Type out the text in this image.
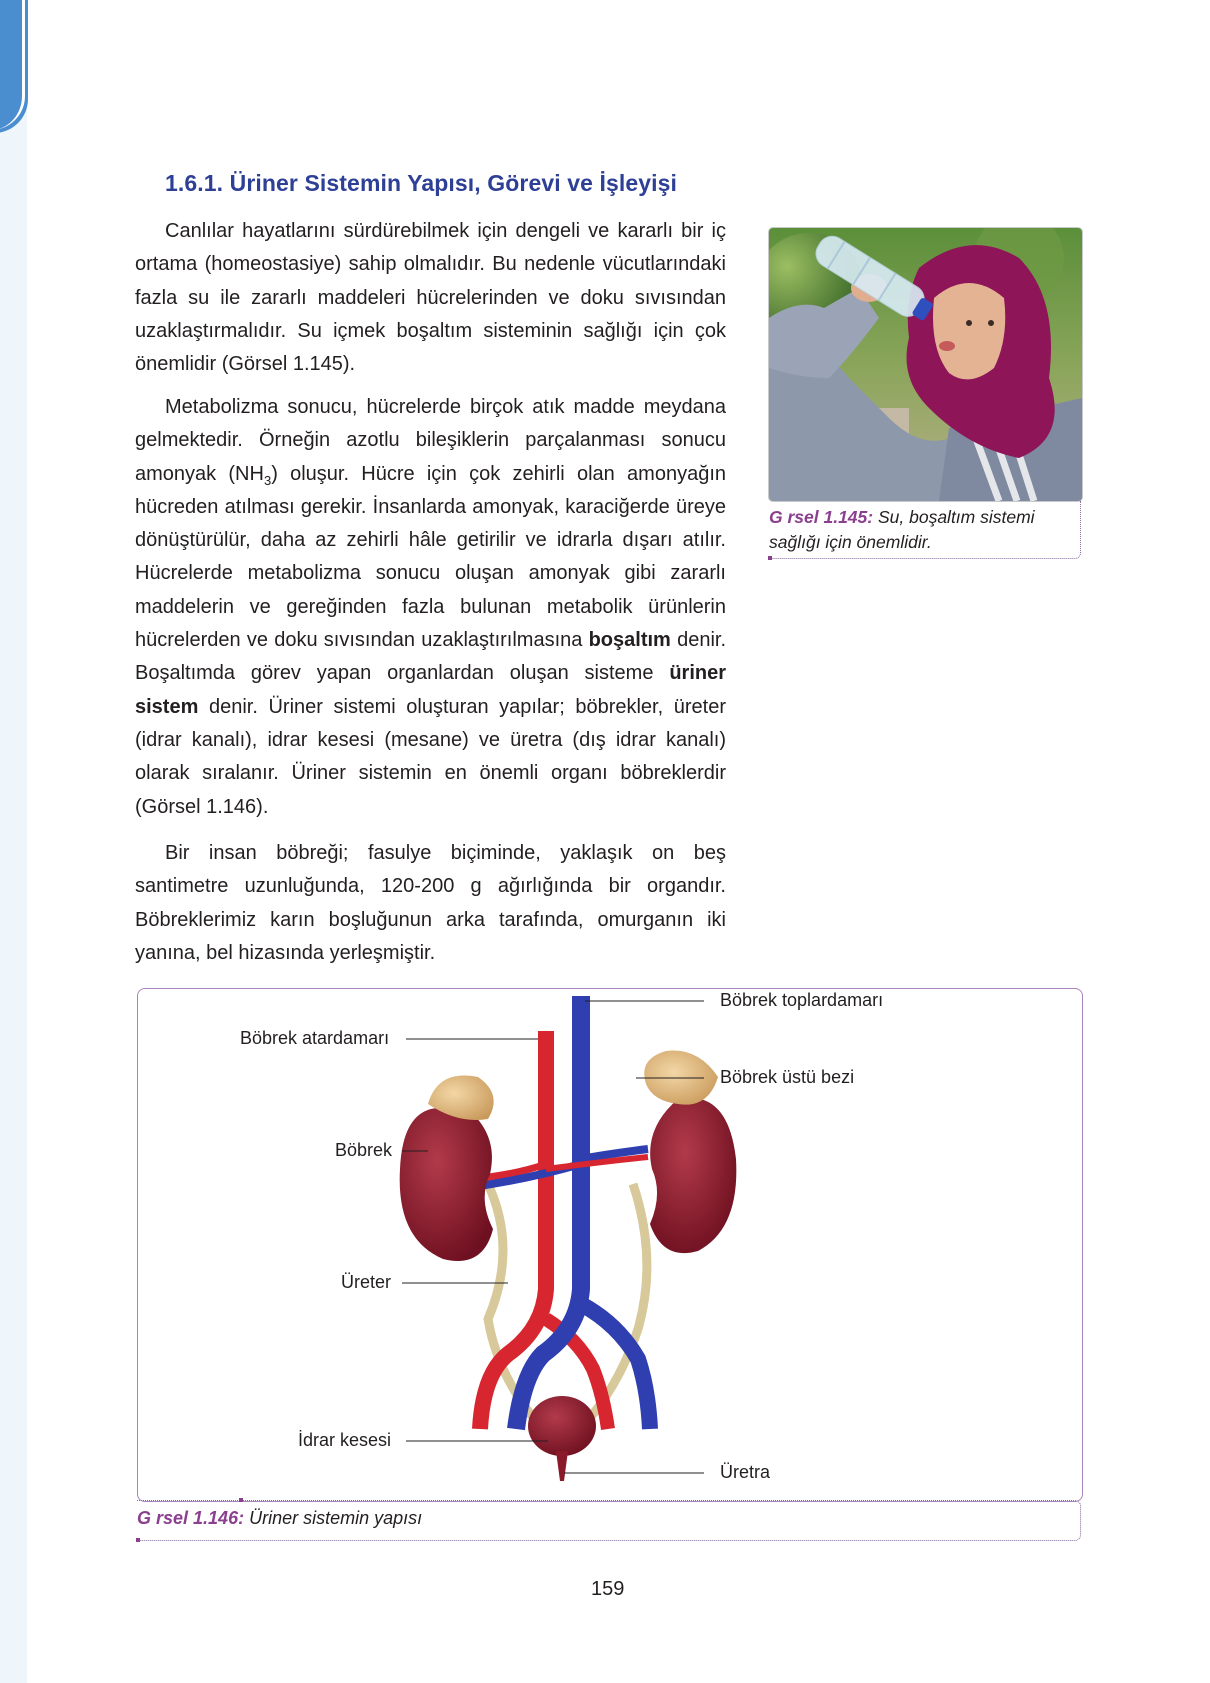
1.6.1. Üriner Sistemin Yapısı, Görevi ve İşleyişi

Canlılar hayatlarını sürdürebilmek için dengeli ve kararlı bir iç ortama (homeostasiye) sahip olmalıdır. Bu nedenle vücutlarındaki fazla su ile zararlı maddeleri hücrelerinden ve doku sıvısından uzaklaştırmalıdır. Su içmek boşaltım sisteminin sağlığı için çok önemlidir (Görsel 1.145).

Metabolizma sonucu, hücrelerde birçok atık madde meydana gelmektedir. Örneğin azotlu bileşiklerin parçalanması sonucu amonyak $(NH_3)$ oluşur. Hücre için çok zehirli olan amonyağın hücreden atılması gerekir. İnsanlarda amonyak, karaciğerde üreye dönüştürülür, daha az zehirli hâle getirilir ve idrarla dışarı atılır. Hücrelerde metabolizma sonucu oluşan amonyak gibi zararlı maddelerin ve gereğinden fazla bulunan metabolik ürünlerin hücrelerden ve doku sıvısından uzaklaştırılmasına boşaltım denir. Boşaltımda görev yapan organlardan oluşan sisteme üriner sistem denir. Üriner sistemi oluşturan yapılar; böbrekler, üreter (idrar kanalı), idrar kesesi (mesane) ve üretra (dış idrar kanalı) olarak sıralanır. Üriner sistemin en önemli organı böbreklerdir (Görsel 1.146).

Bir insan böbreği; fasulye biçiminde, yaklaşık on beş santimetre uzunluğunda, 120-200 g ağırlığında bir organdır. Böbreklerimiz karın boşluğunun arka tarafında, omurganın iki yanına, bel hizasında yerleşmiştir.

G rsel 1.145: Su, boşaltım sistemi sağlığı için önemlidir.
Böbrek toplardamarı
Böbrek atardamarı
Böbrek üstü bezi
Böbrek
Üreter
İdrar kesesi
Üretra
G rsel 1.146: Üriner sistemin yapısı
159
